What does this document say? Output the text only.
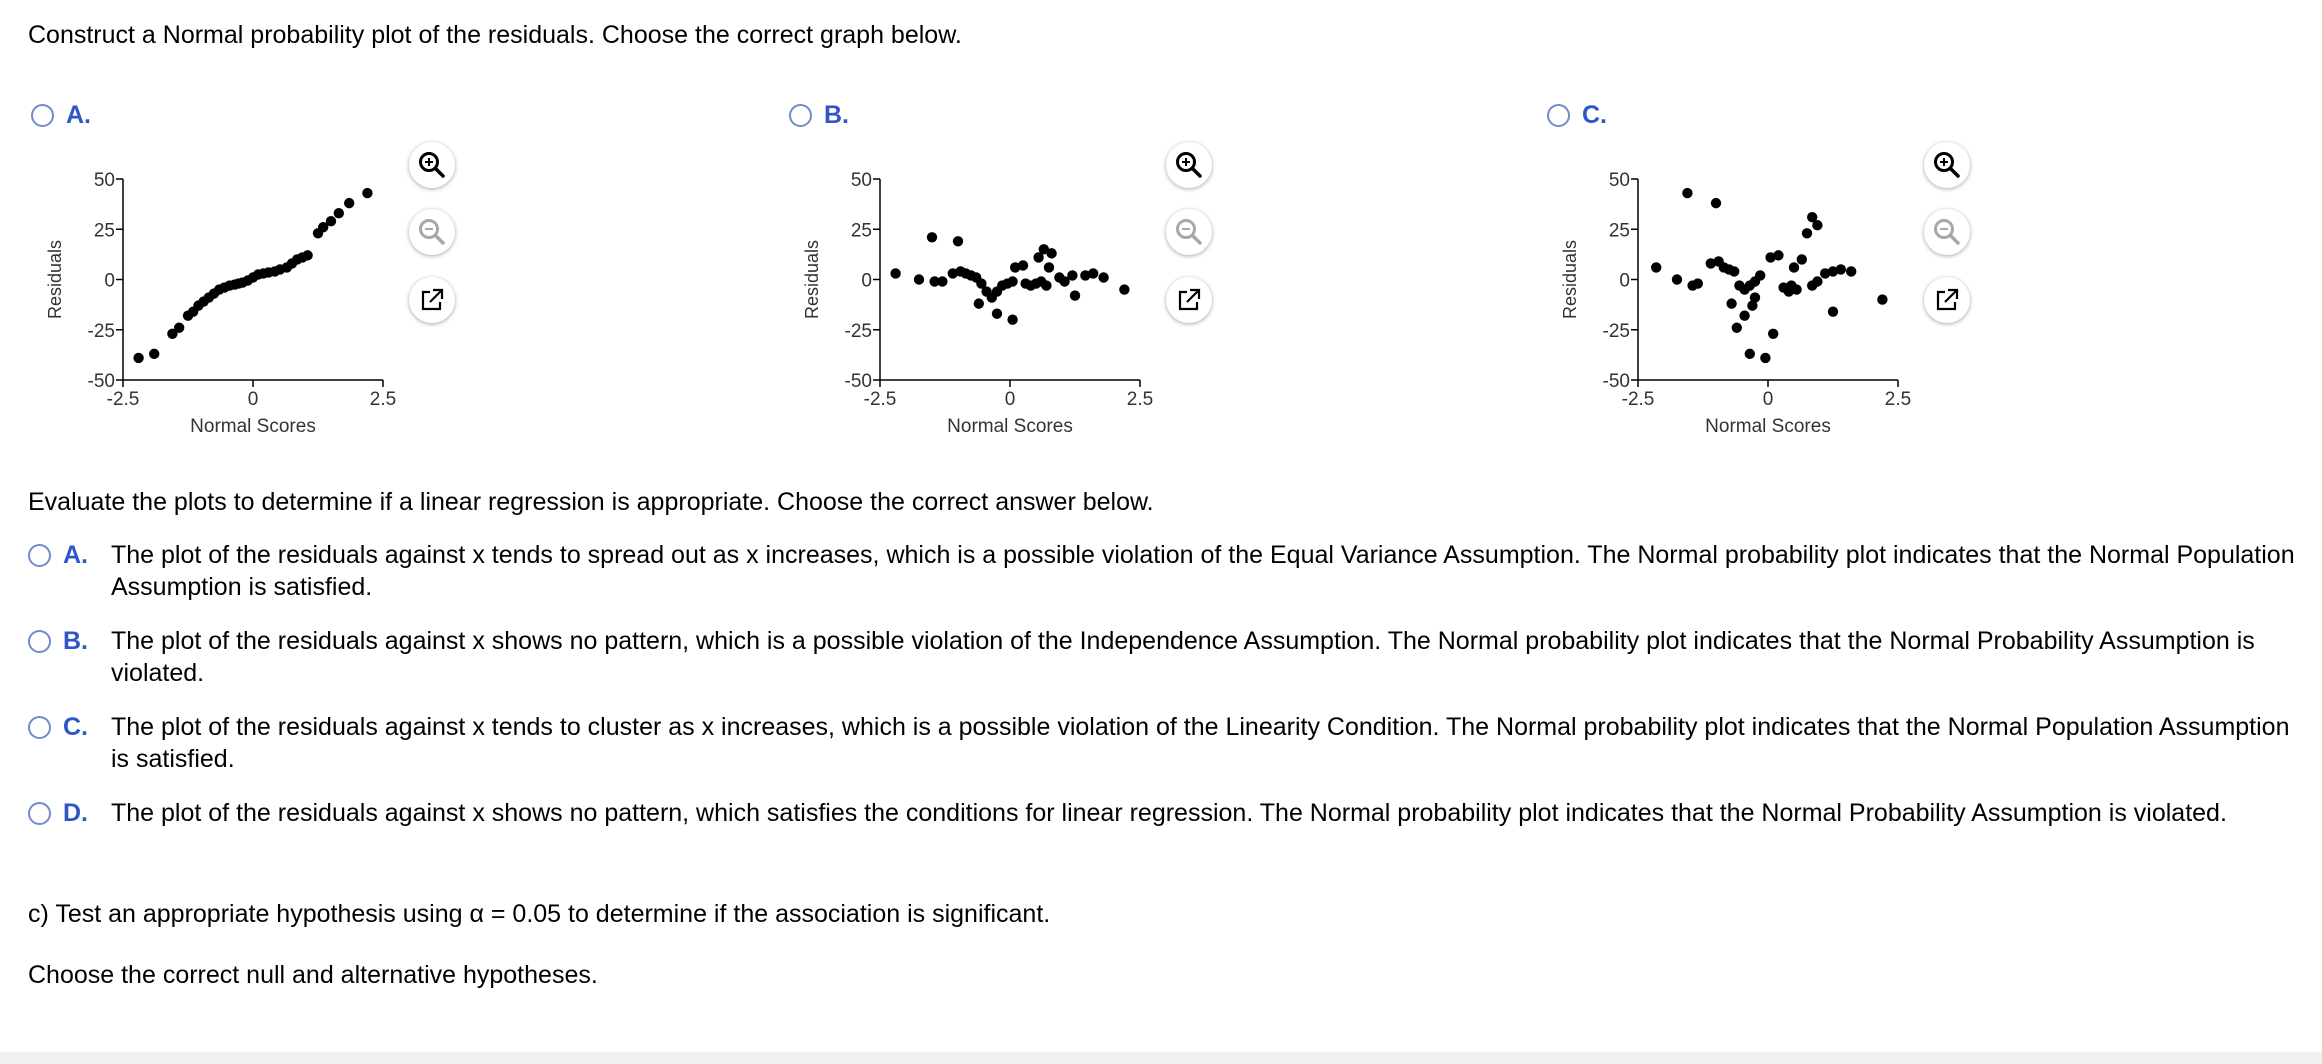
Construct a Normal probability plot of the residuals. Choose the correct graph below.
A.
50
25
0
-25
-50
-2.5	0	2.5
Normal Scores
Residuals
B.
50
25
0
-25
-50
-2.5	0	2.5
Normal Scores
Residuals
C.
50
25
0
-25
-50
-2.5	0	2.5
Normal Scores
Residuals
Evaluate the plots to determine if a linear regression is appropriate. Choose the correct answer below.
A. The plot of the residuals against x tends to spread out as x increases, which is a possible violation of the Equal Variance Assumption. The Normal probability plot indicates that the Normal Population Assumption is satisfied.
B. The plot of the residuals against x shows no pattern, which is a possible violation of the Independence Assumption. The Normal probability plot indicates that the Normal Probability Assumption is violated.
C. The plot of the residuals against x tends to cluster as x increases, which is a possible violation of the Linearity Condition. The Normal probability plot indicates that the Normal Population Assumption is satisfied.
D. The plot of the residuals against x shows no pattern, which satisfies the conditions for linear regression. The Normal probability plot indicates that the Normal Probability Assumption is violated.
c) Test an appropriate hypothesis using α = 0.05 to determine if the association is significant.
Choose the correct null and alternative hypotheses.
